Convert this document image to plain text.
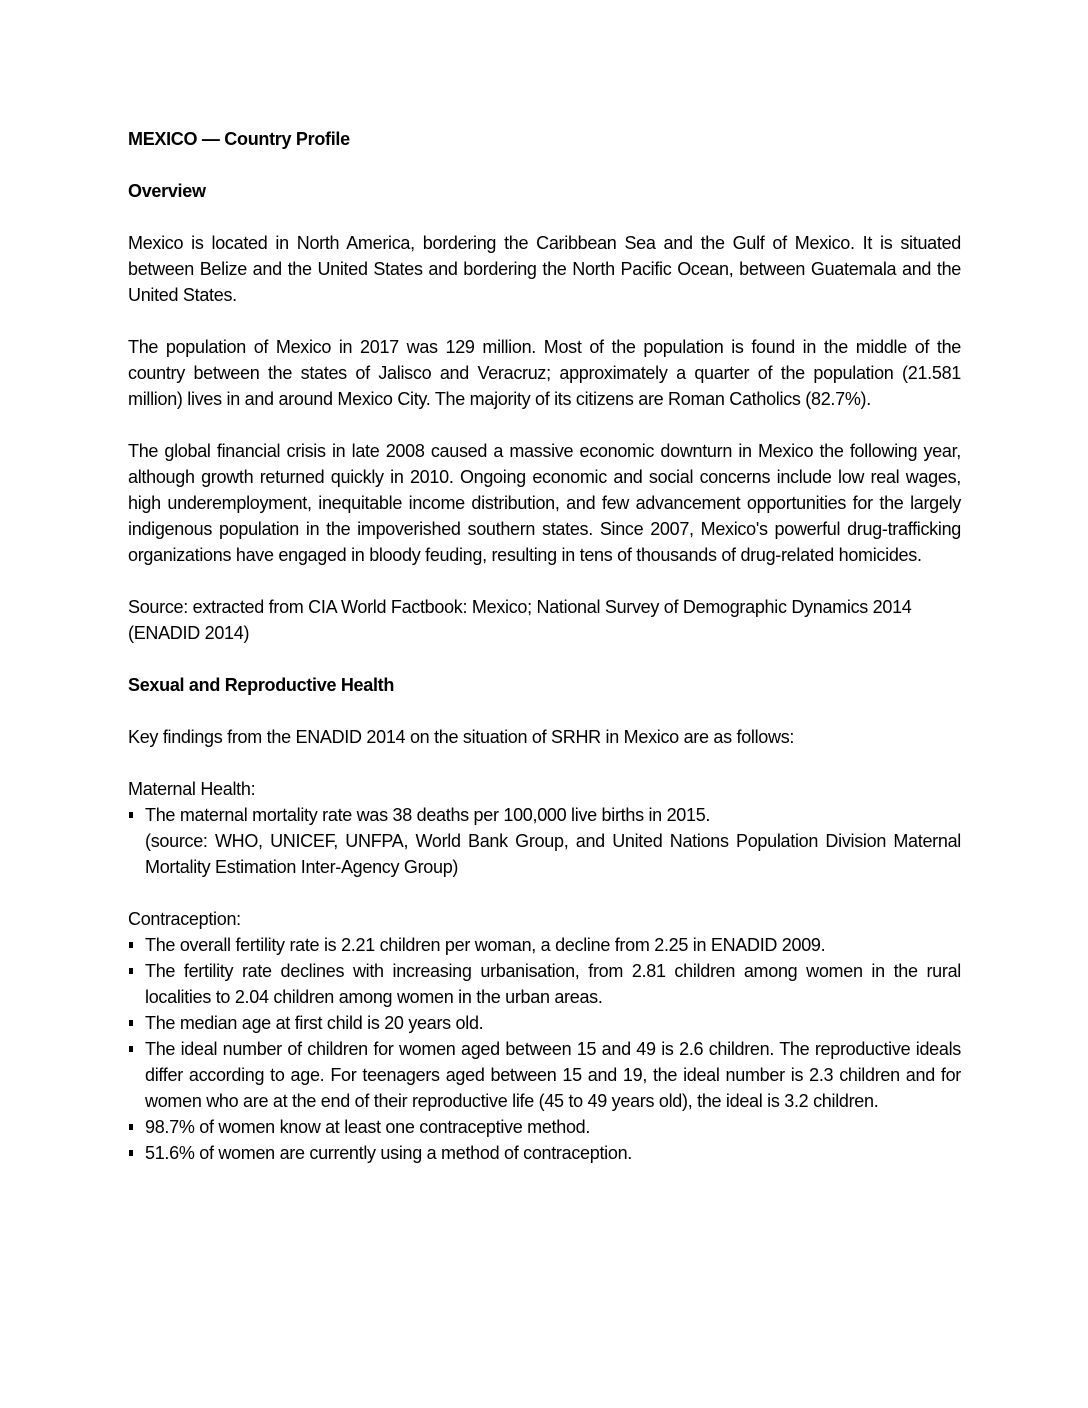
MEXICO — Country Profile
Overview

Mexico is located in North America, bordering the Caribbean Sea and the Gulf of Mexico. It is situated between Belize and the United States and bordering the North Pacific Ocean, between Guatemala and the United States.

The population of Mexico in 2017 was 129 million. Most of the population is found in the middle of the country between the states of Jalisco and Veracruz; approximately a quarter of the population (21.581 million) lives in and around Mexico City. The majority of its citizens are Roman Catholics (82.7%).

The global financial crisis in late 2008 caused a massive economic downturn in Mexico the following year, although growth returned quickly in 2010. Ongoing economic and social concerns include low real wages, high underemployment, inequitable income distribution, and few advancement opportunities for the largely indigenous population in the impoverished southern states. Since 2007, Mexico's powerful drug-trafficking organizations have engaged in bloody feuding, resulting in tens of thousands of drug-related homicides.

Source: extracted from CIA World Factbook: Mexico; National Survey of Demographic Dynamics 2014 (ENADID 2014)

Sexual and Reproductive Health

Key findings from the ENADID 2014 on the situation of SRHR in Mexico are as follows:

Maternal Health:

The maternal mortality rate was 38 deaths per 100,000 live births in 2015.
(source: WHO, UNICEF, UNFPA, World Bank Group, and United Nations Population Division Maternal Mortality Estimation Inter-Agency Group)

Contraception:

The overall fertility rate is 2.21 children per woman, a decline from 2.25 in ENADID 2009.
The fertility rate declines with increasing urbanisation, from 2.81 children among women in the rural localities to 2.04 children among women in the urban areas.
The median age at first child is 20 years old.
The ideal number of children for women aged between 15 and 49 is 2.6 children. The reproductive ideals differ according to age. For teenagers aged between 15 and 19, the ideal number is 2.3 children and for women who are at the end of their reproductive life (45 to 49 years old), the ideal is 3.2 children.
98.7% of women know at least one contraceptive method.
51.6% of women are currently using a method of contraception.
